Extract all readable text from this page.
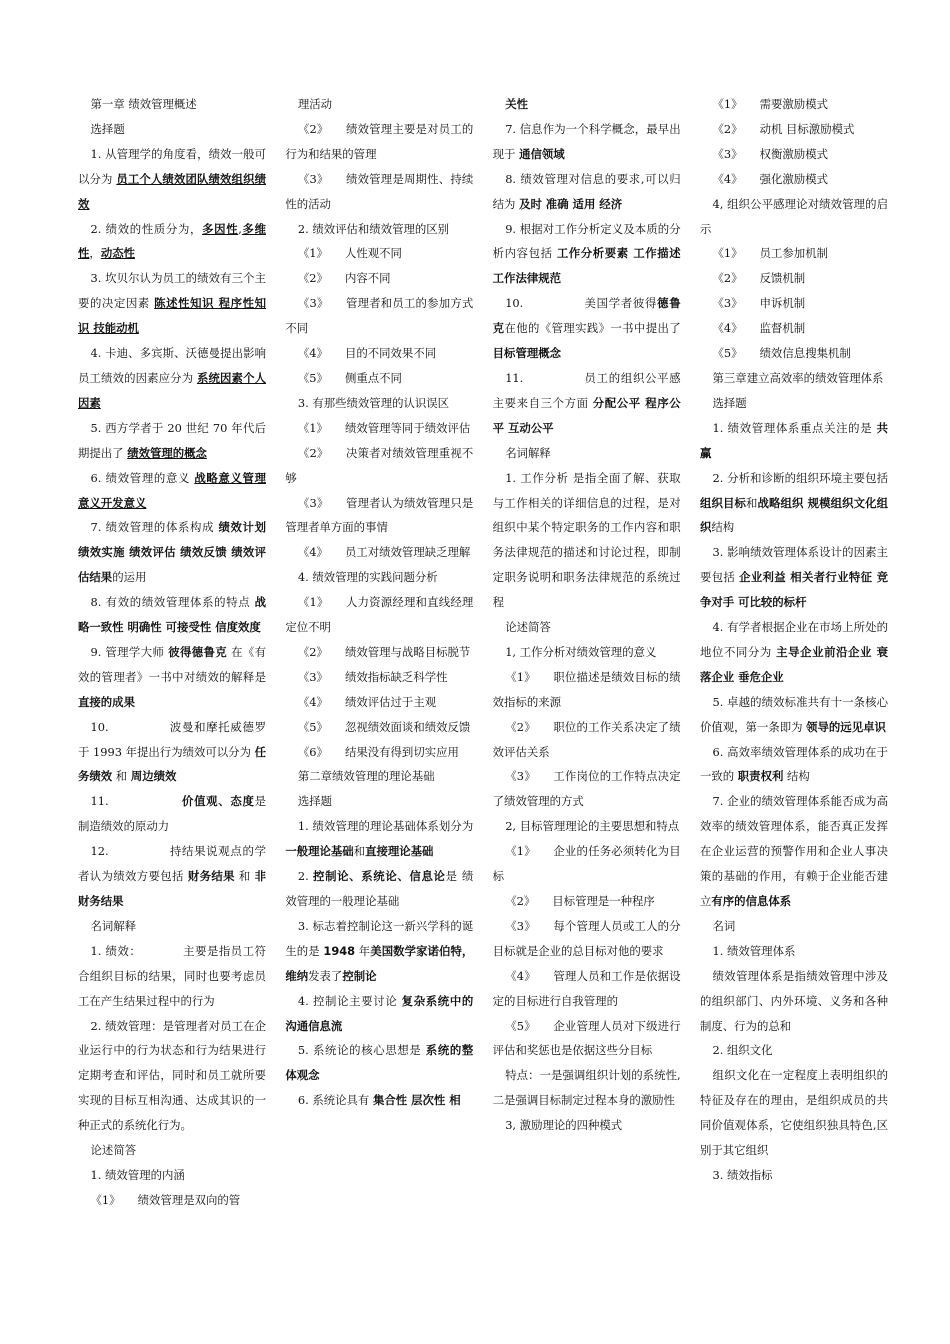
第一章 绩效管理概述

选择题

1. 从管理学的角度看，绩效一般可以分为 员工个人绩效团队绩效组织绩效

2. 绩效的性质分为，多因性,多维性，动态性

3. 坎贝尔认为员工的绩效有三个主要的决定因素 陈述性知识 程序性知识 技能动机

4. 卡迪、多宾斯、沃德曼提出影响员工绩效的因素应分为 系统因素个人因素

5. 西方学者于 20 世纪 70 年代后期提出了 绩效管理的概念

6. 绩效管理的意义 战略意义管理意义开发意义

7. 绩效管理的体系构成 绩效计划绩效实施 绩效评估 绩效反馈 绩效评估结果的运用

8. 有效的绩效管理体系的特点 战略一致性 明确性 可接受性 信度效度

9. 管理学大师 彼得德鲁克 在《有效的管理者》一书中对绩效的解释是直接的成果

10.　　　　　波曼和摩托威德罗于 1993 年提出行为绩效可以分为 任务绩效 和 周边绩效

11.　　　　　　价值观、态度是制造绩效的原动力

12.　　　　　持结果说观点的学者认为绩效方要包括 财务结果 和 非财务结果

名词解释

1. 绩效：　　　　主要是指员工符合组织目标的结果，同时也要考虑员工在产生结果过程中的行为

2. 绩效管理：是管理者对员工在企业运行中的行为状态和行为结果进行定期考查和评估，同时和员工就所要实现的目标互相沟通、达成其识的一种正式的系统化行为。

论述简答

1. 绩效管理的内涵

《1》　　绩效管理是双向的管

理活动

《2》　　绩效管理主要是对员工的行为和结果的管理

《3》　　绩效管理是周期性、持续性的活动

2. 绩效评估和绩效管理的区别

《1》　　人性观不同

《2》　　内容不同

《3》　　管理者和员工的参加方式不同

《4》　　目的不同效果不同

《5》　　侧重点不同

3. 有那些绩效管理的认识误区

《1》　　绩效管理等同于绩效评估

《2》　　决策者对绩效管理重视不够

《3》　　管理者认为绩效管理只是管理者单方面的事情

《4》　　员工对绩效管理缺乏理解

4. 绩效管理的实践问题分析

《1》　　人力资源经理和直线经理定位不明

《2》　　绩效管理与战略目标脱节

《3》　　绩效指标缺乏科学性

《4》　　绩效评估过于主观

《5》　　忽视绩效面谈和绩效反馈

《6》　　结果没有得到切实应用

第二章绩效管理的理论基础

选择题

1. 绩效管理的理论基础体系划分为一般理论基础和直接理论基础

2. 控制论、系统论、信息论是 绩效管理的一般理论基础

3. 标志着控制论这一新兴学科的诞生的是 1948 年美国数学家诺伯特，维纳发表了控制论

4. 控制论主要讨论 复杂系统中的沟通信息流

5. 系统论的核心思想是 系统的整体观念

6. 系统论具有 集合性 层次性 相

关性

7. 信息作为一个科学概念，最早出现于 通信领域

8. 绩效管理对信息的要求,可以归结为 及时 准确 适用 经济

9. 根据对工作分析定义及本质的分析内容包括 工作分析要素 工作描述 工作法律规范

10.　　　　　美国学者彼得德鲁克在他的《管理实践》一书中提出了 目标管理概念

11.　　　　　员工的组织公平感主要来自三个方面 分配公平 程序公平 互动公平

名词解释

1. 工作分析 是指全面了解、获取与工作相关的详细信息的过程，是对组织中某个特定职务的工作内容和职务法律规范的描述和讨论过程，即制定职务说明和职务法律规范的系统过程

论述简答

1, 工作分析对绩效管理的意义

《1》　　职位描述是绩效目标的绩效指标的来源

《2》　　职位的工作关系决定了绩效评估关系

《3》　　工作岗位的工作特点决定了绩效管理的方式

2, 目标管理理论的主要思想和特点

《1》　　企业的任务必须转化为目标

《2》　　目标管理是一种程序

《3》　　每个管理人员或工人的分目标就是企业的总目标对他的要求

《4》　　管理人员和工作是依据设定的目标进行自我管理的

《5》　　企业管理人员对下级进行评估和奖惩也是依据这些分目标

特点：一是强调组织计划的系统性,二是强调目标制定过程本身的激励性

3, 激励理论的四种模式

《1》　　需要激励模式

《2》　　动机 目标激励模式

《3》　　权衡激励模式

《4》　　强化激励模式

4, 组织公平感理论对绩效管理的启示

《1》　　员工参加机制

《2》　　反馈机制

《3》　　申诉机制

《4》　　监督机制

《5》　　绩效信息搜集机制

第三章建立高效率的绩效管理体系

选择题

1. 绩效管理体系重点关注的是 共赢

2. 分析和诊断的组织环境主要包括 组织目标和战略组织 规模组织文化组织结构

3. 影响绩效管理体系设计的因素主要包括 企业利益 相关者行业特征 竞争对手 可比较的标杆

4. 有学者根据企业在市场上所处的地位不同分为 主导企业前沿企业 衰落企业 垂危企业

5. 卓越的绩效标准共有十一条核心价值观，第一条即为 领导的远见卓识

6. 高效率绩效管理体系的成功在于一致的 职责权利 结构

7. 企业的绩效管理体系能否成为高效率的绩效管理体系，能否真正发挥在企业运营的预警作用和企业人事决策的基础的作用，有赖于企业能否建立有序的信息体系

名词

1. 绩效管理体系

绩效管理体系是指绩效管理中涉及的组织部门、内外环境、义务和各种制度、行为的总和

2. 组织文化

组织文化在一定程度上表明组织的特征及存在的理由，是组织成员的共同价值观体系，它使组织独具特色,区别于其它组织

3. 绩效指标
